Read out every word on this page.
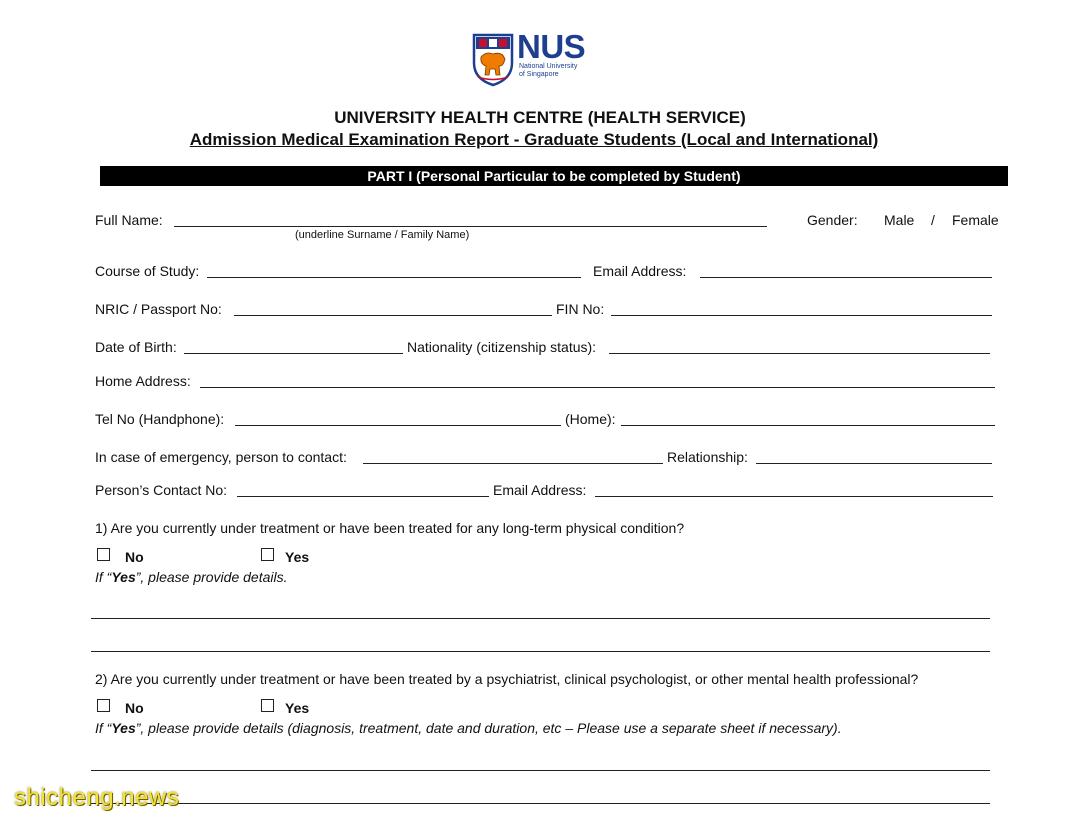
NUS
National University
of Singapore
UNIVERSITY HEALTH CENTRE (HEALTH SERVICE)
Admission Medical Examination Report - Graduate Students (Local and International)
PART I (Personal Particular to be completed by Student)
Full Name:
(underline Surname / Family Name)
Gender: Male / Female
Course of Study:	Email Address:
NRIC / Passport No:	FIN No:
Date of Birth:	Nationality (citizenship status):
Home Address:
Tel No (Handphone):	(Home):
In case of emergency, person to contact:	Relationship:
Person’s Contact No:	Email Address:
1) Are you currently under treatment or have been treated for any long-term physical condition?
No	Yes
If “Yes”, please provide details.
2) Are you currently under treatment or have been treated by a psychiatrist, clinical psychologist, or other mental health professional?
No	Yes
If “Yes”, please provide details (diagnosis, treatment, date and duration, etc – Please use a separate sheet if necessary).
shicheng.news
